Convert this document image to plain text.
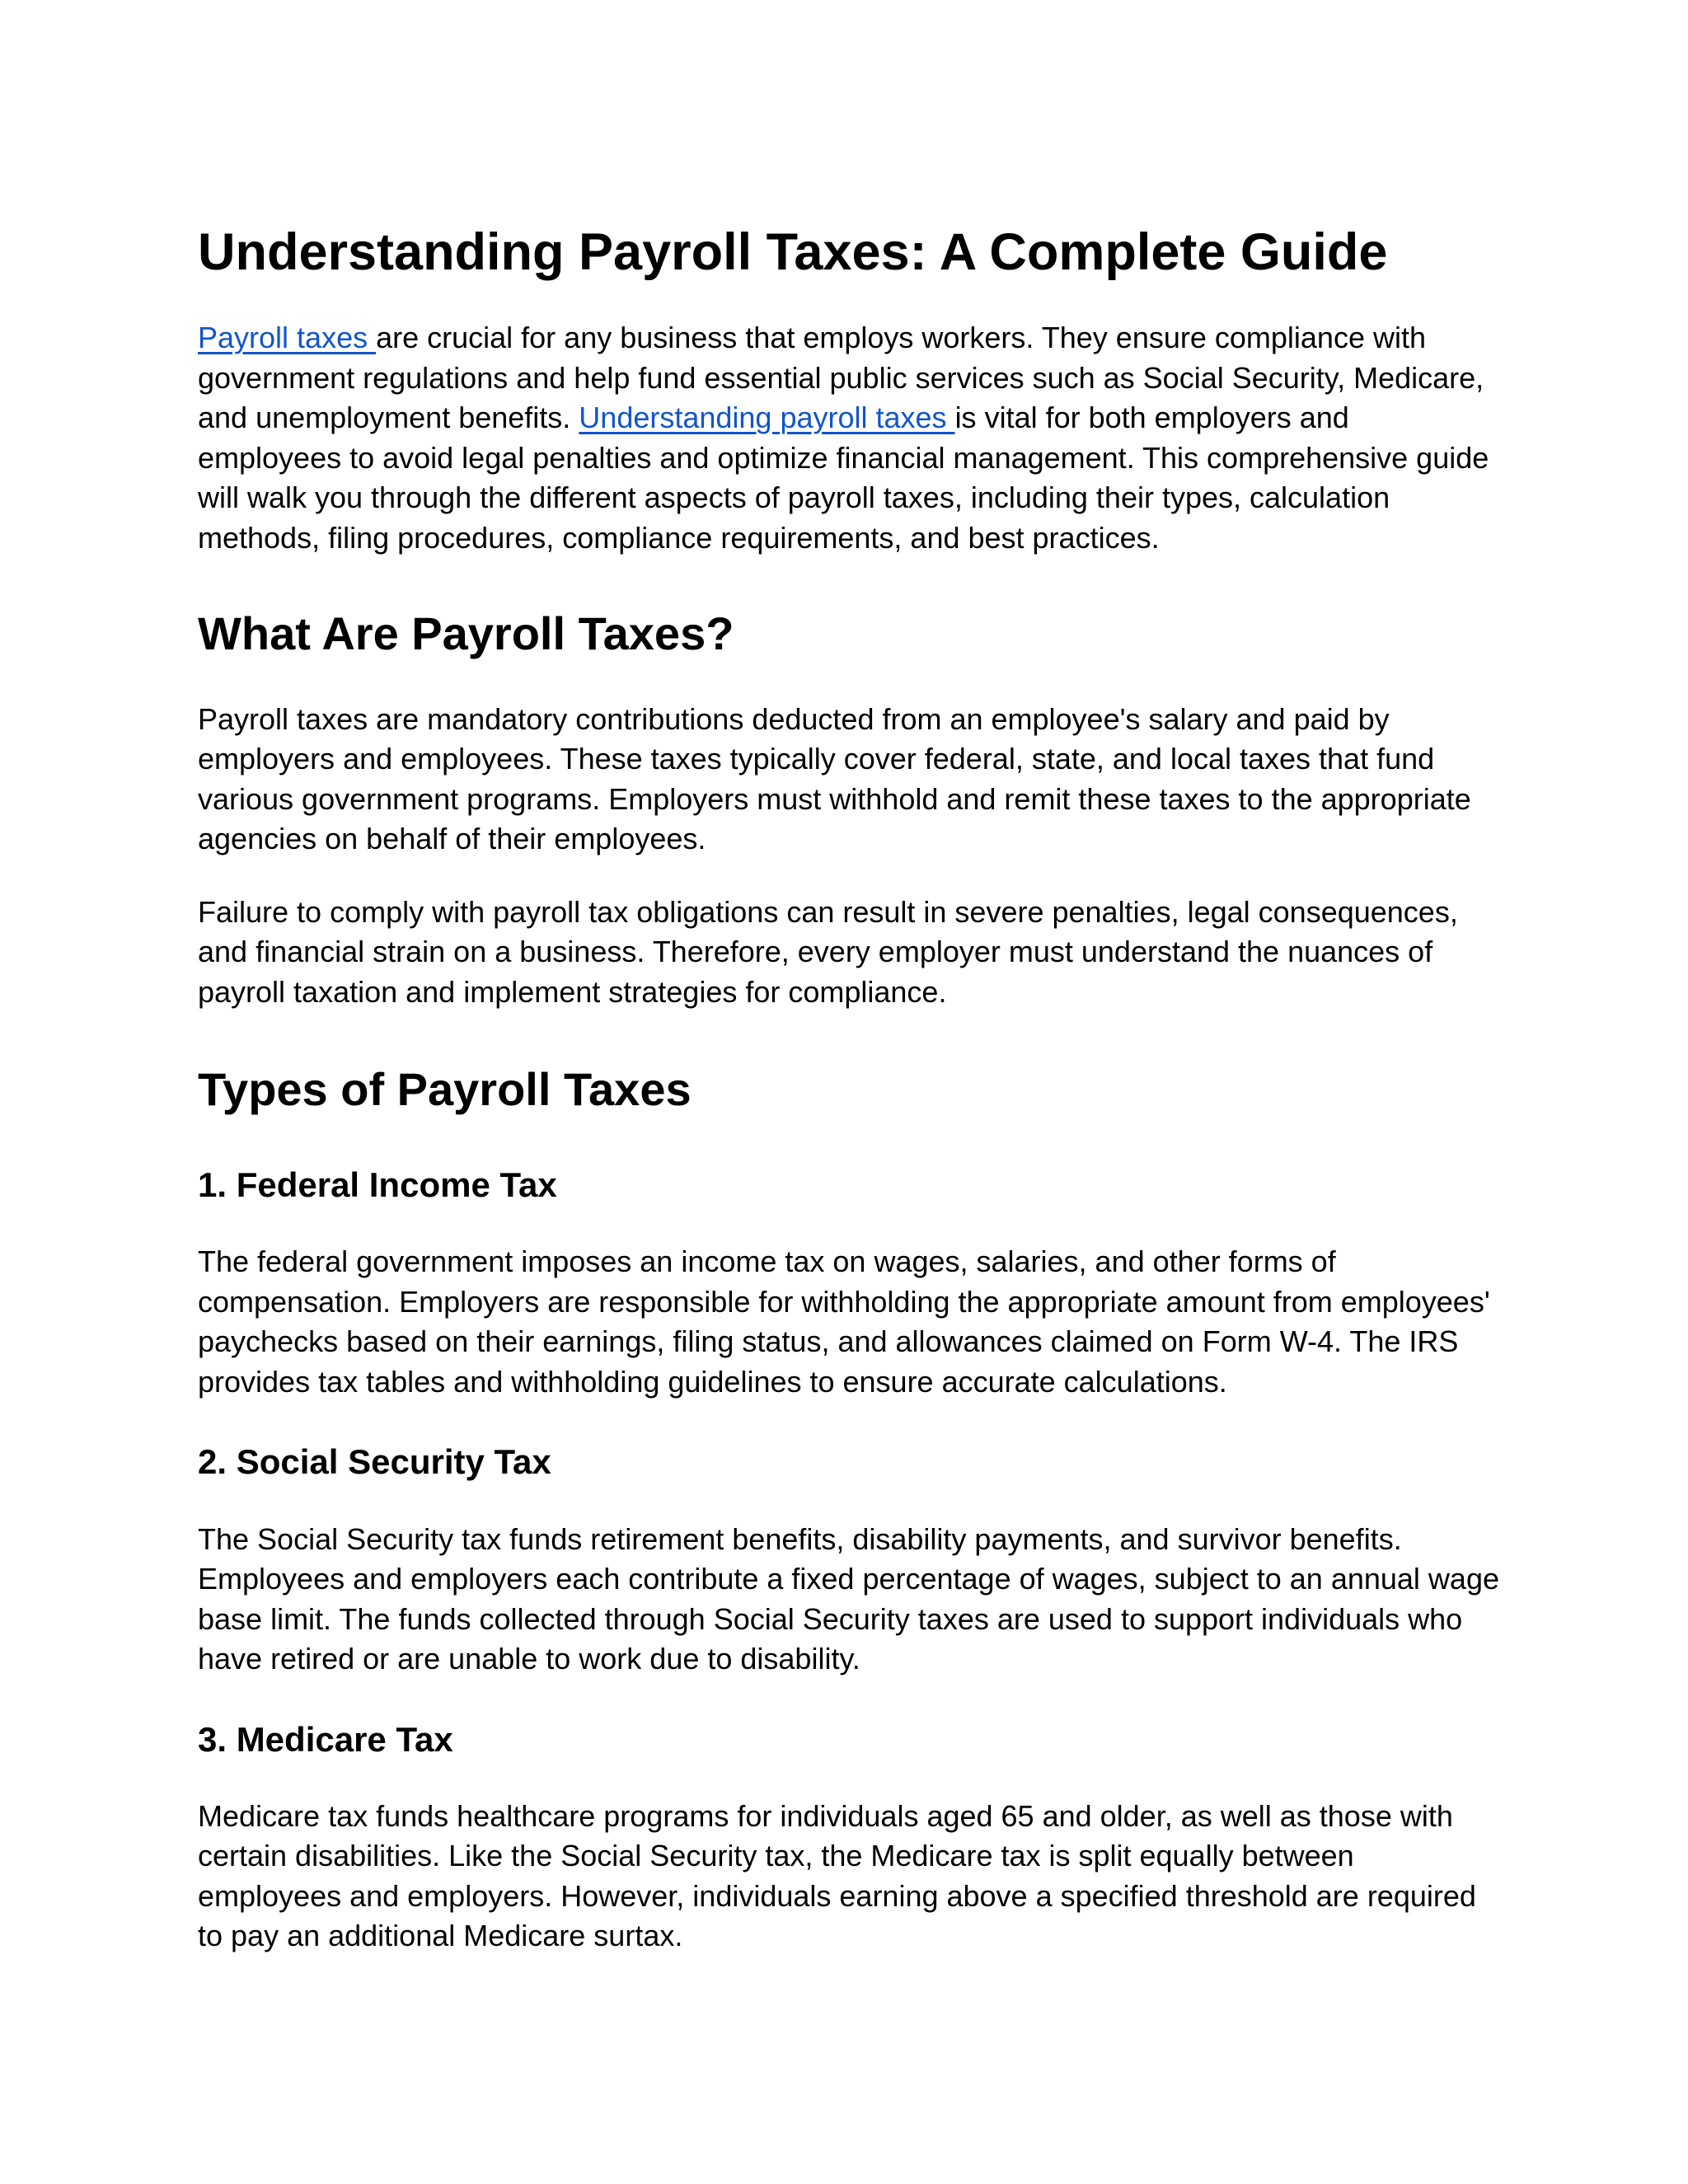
Understanding Payroll Taxes: A Complete Guide

Payroll taxes are crucial for any business that employs workers. They ensure compliance with government regulations and help fund essential public services such as Social Security, Medicare, and unemployment benefits. Understanding payroll taxes is vital for both employers and employees to avoid legal penalties and optimize financial management. This comprehensive guide will walk you through the different aspects of payroll taxes, including their types, calculation methods, filing procedures, compliance requirements, and best practices.

What Are Payroll Taxes?

Payroll taxes are mandatory contributions deducted from an employee's salary and paid by employers and employees. These taxes typically cover federal, state, and local taxes that fund various government programs. Employers must withhold and remit these taxes to the appropriate agencies on behalf of their employees.

Failure to comply with payroll tax obligations can result in severe penalties, legal consequences, and financial strain on a business. Therefore, every employer must understand the nuances of payroll taxation and implement strategies for compliance.

Types of Payroll Taxes
1. Federal Income Tax

The federal government imposes an income tax on wages, salaries, and other forms of compensation. Employers are responsible for withholding the appropriate amount from employees' paychecks based on their earnings, filing status, and allowances claimed on Form W-4. The IRS provides tax tables and withholding guidelines to ensure accurate calculations.

2. Social Security Tax

The Social Security tax funds retirement benefits, disability payments, and survivor benefits. Employees and employers each contribute a fixed percentage of wages, subject to an annual wage base limit. The funds collected through Social Security taxes are used to support individuals who have retired or are unable to work due to disability.

3. Medicare Tax

Medicare tax funds healthcare programs for individuals aged 65 and older, as well as those with certain disabilities. Like the Social Security tax, the Medicare tax is split equally between employees and employers. However, individuals earning above a specified threshold are required to pay an additional Medicare surtax.
